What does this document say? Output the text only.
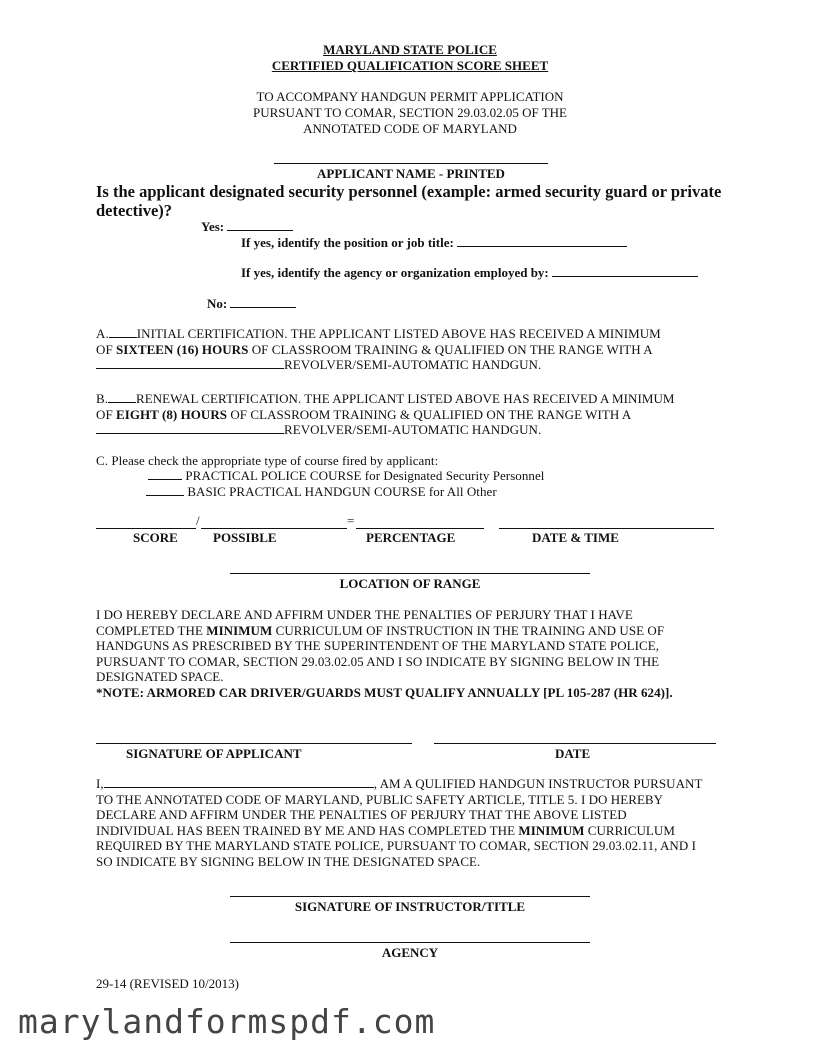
MARYLAND STATE POLICE
CERTIFIED QUALIFICATION SCORE SHEET
TO ACCOMPANY HANDGUN PERMIT APPLICATION
PURSUANT TO COMAR, SECTION 29.03.02.05 OF THE
ANNOTATED CODE OF MARYLAND
APPLICANT NAME - PRINTED
Is the applicant designated security personnel (example: armed security guard or private
detective)?
Yes:
If yes, identify the position or job title:
If yes, identify the agency or organization employed by:
No:
A. INITIAL CERTIFICATION. THE APPLICANT LISTED ABOVE HAS RECEIVED A MINIMUM
OF SIXTEEN (16) HOURS OF CLASSROOM TRAINING & QUALIFIED ON THE RANGE WITH A
REVOLVER/SEMI-AUTOMATIC HANDGUN.
B. RENEWAL CERTIFICATION. THE APPLICANT LISTED ABOVE HAS RECEIVED A MINIMUM
OF EIGHT (8) HOURS OF CLASSROOM TRAINING & QUALIFIED ON THE RANGE WITH A
REVOLVER/SEMI-AUTOMATIC HANDGUN.
C. Please check the appropriate type of course fired by applicant:
PRACTICAL POLICE COURSE for Designated Security Personnel
BASIC PRACTICAL HANDGUN COURSE for All Other
/	=
SCORE	POSSIBLE	PERCENTAGE	DATE & TIME
LOCATION OF RANGE
I DO HEREBY DECLARE AND AFFIRM UNDER THE PENALTIES OF PERJURY THAT I HAVE
COMPLETED THE MINIMUM CURRICULUM OF INSTRUCTION IN THE TRAINING AND USE OF
HANDGUNS AS PRESCRIBED BY THE SUPERINTENDENT OF THE MARYLAND STATE POLICE,
PURSUANT TO COMAR, SECTION 29.03.02.05 AND I SO INDICATE BY SIGNING BELOW IN THE
DESIGNATED SPACE.
*NOTE: ARMORED CAR DRIVER/GUARDS MUST QUALIFY ANNUALLY [PL 105-287 (HR 624)].
SIGNATURE OF APPLICANT	DATE
I,	, AM A QULIFIED HANDGUN INSTRUCTOR PURSUANT
TO THE ANNOTATED CODE OF MARYLAND, PUBLIC SAFETY ARTICLE, TITLE 5. I DO HEREBY
DECLARE AND AFFIRM UNDER THE PENALTIES OF PERJURY THAT THE ABOVE LISTED
INDIVIDUAL HAS BEEN TRAINED BY ME AND HAS COMPLETED THE MINIMUM CURRICULUM
REQUIRED BY THE MARYLAND STATE POLICE, PURSUANT TO COMAR, SECTION 29.03.02.11, AND I
SO INDICATE BY SIGNING BELOW IN THE DESIGNATED SPACE.
SIGNATURE OF INSTRUCTOR/TITLE
AGENCY
29-14 (REVISED 10/2013)
marylandformspdf.com
